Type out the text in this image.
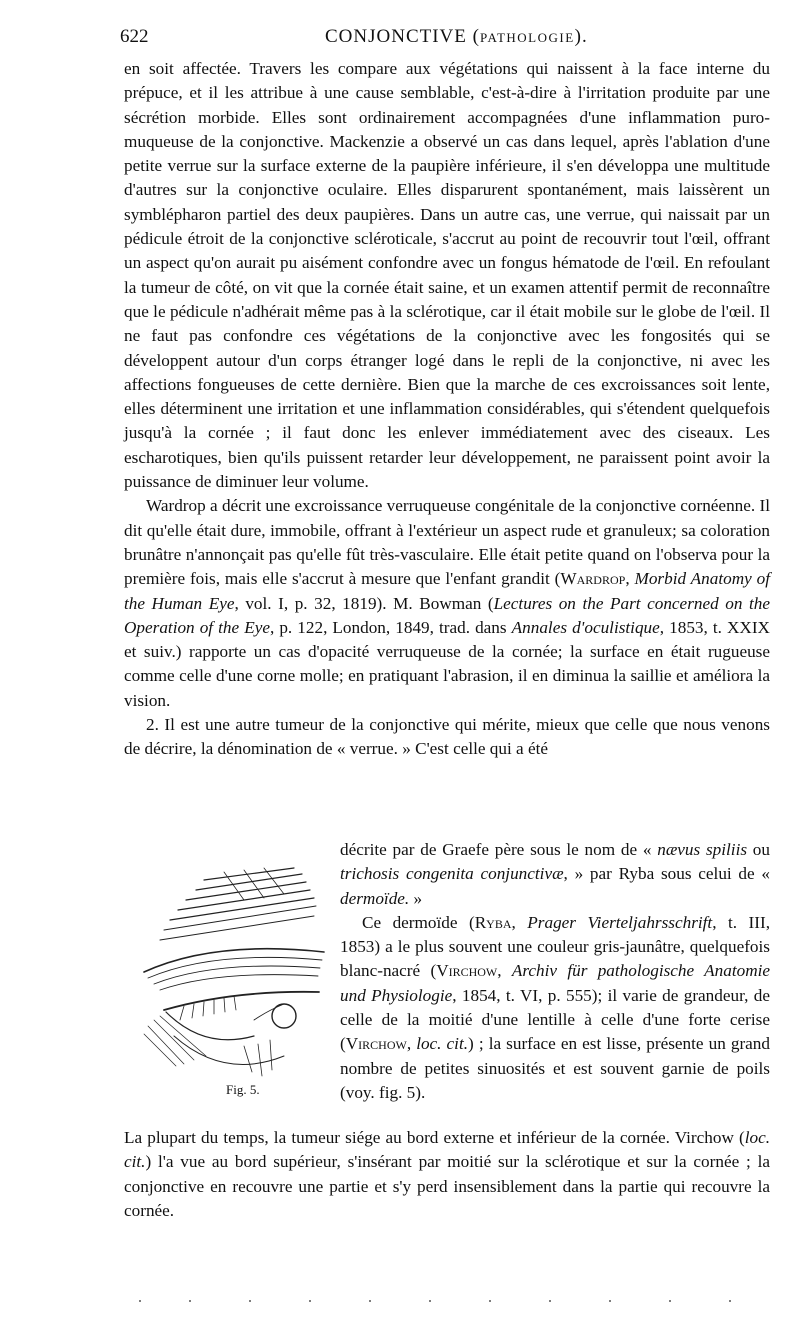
622	CONJONCTIVE (PATHOLOGIE).

en soit affectée. Travers les compare aux végétations qui naissent à la face interne du prépuce, et il les attribue à une cause semblable, c'est-à-dire à l'irritation produite par une sécrétion morbide. Elles sont ordinairement accompagnées d'une inflammation puro-muqueuse de la conjonctive. Mackenzie a observé un cas dans lequel, après l'ablation d'une petite verrue sur la surface externe de la paupière inférieure, il s'en développa une multitude d'autres sur la conjonctive oculaire. Elles disparurent spontanément, mais laissèrent un symblépharon partiel des deux paupières. Dans un autre cas, une verrue, qui naissait par un pédicule étroit de la conjonctive scléroticale, s'accrut au point de recouvrir tout l'œil, offrant un aspect qu'on aurait pu aisément confondre avec un fongus hématode de l'œil. En refoulant la tumeur de côté, on vit que la cornée était saine, et un examen attentif permit de reconnaître que le pédicule n'adhérait même pas à la sclérotique, car il était mobile sur le globe de l'œil. Il ne faut pas confondre ces végétations de la conjonctive avec les fongosités qui se développent autour d'un corps étranger logé dans le repli de la conjonctive, ni avec les affections fongueuses de cette dernière. Bien que la marche de ces excroissances soit lente, elles déterminent une irritation et une inflammation considérables, qui s'étendent quelquefois jusqu'à la cornée ; il faut donc les enlever immédiatement avec des ciseaux. Les escharotiques, bien qu'ils puissent retarder leur développement, ne paraissent point avoir la puissance de diminuer leur volume.

Wardrop a décrit une excroissance verruqueuse congénitale de la conjonctive cornéenne. Il dit qu'elle était dure, immobile, offrant à l'extérieur un aspect rude et granuleux; sa coloration brunâtre n'annonçait pas qu'elle fût très-vasculaire. Elle était petite quand on l'observa pour la première fois, mais elle s'accrut à mesure que l'enfant grandit (Wardrop, Morbid Anatomy of the Human Eye, vol. I, p. 32, 1819). M. Bowman (Lectures on the Part concerned on the Operation of the Eye, p. 122, London, 1849, trad. dans Annales d'oculistique, 1853, t. XXIX et suiv.) rapporte un cas d'opacité verruqueuse de la cornée; la surface en était rugueuse comme celle d'une corne molle; en pratiquant l'abrasion, il en diminua la saillie et améliora la vision.

2. Il est une autre tumeur de la conjonctive qui mérite, mieux que celle que nous venons de décrire, la dénomination de « verrue. » C'est celle qui a été

Fig. 5.

décrite par de Graefe père sous le nom de « nævus spiliis ou trichosis congenita conjunctivæ, » par Ryba sous celui de « dermoïde. »

Ce dermoïde (Ryba, Prager Vierteljahrsschrift, t. III, 1853) a le plus souvent une couleur gris-jaunâtre, quelquefois blanc-nacré (Virchow, Archiv für pathologische Anatomie und Physiologie, 1854, t. VI, p. 555); il varie de grandeur, de celle de la moitié d'une lentille à celle d'une forte cerise (Virchow, loc. cit.) ; la surface en est lisse, présente un grand nombre de petites sinuosités et est souvent garnie de poils (voy. fig. 5).

La plupart du temps, la tumeur siége au bord externe et inférieur de la cornée. Virchow (loc. cit.) l'a vue au bord supérieur, s'insérant par moitié sur la sclérotique et sur la cornée ; la conjonctive en recouvre une partie et s'y perd insensiblement dans la partie qui recouvre la cornée.
